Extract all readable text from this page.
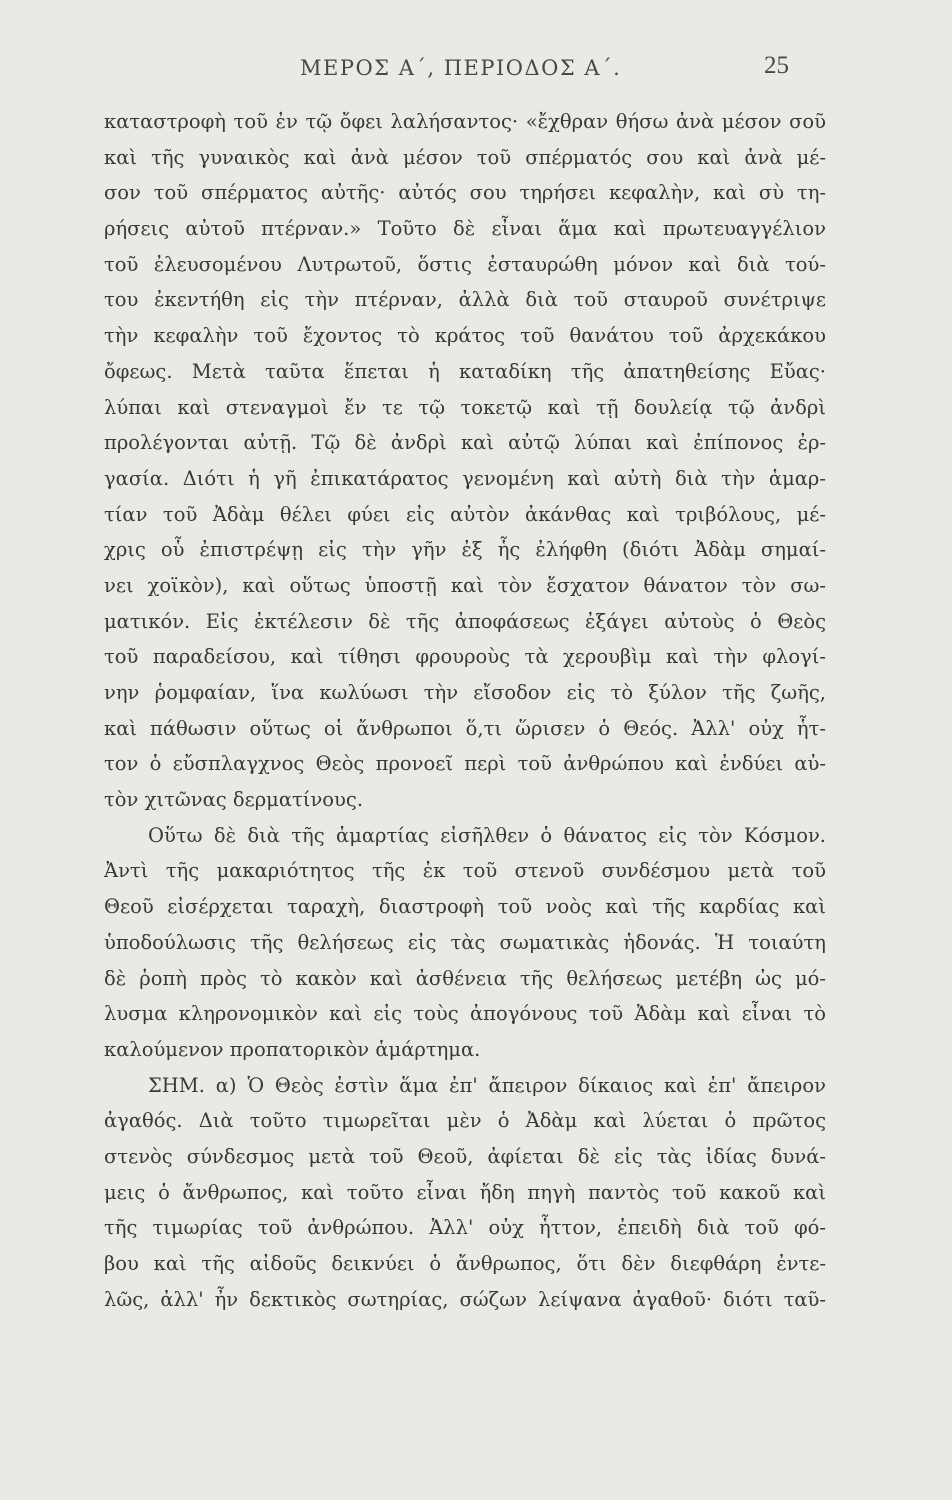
ΜΕΡΟΣ Α΄, ΠΕΡΙΟΔΟΣ Α΄.	25
καταστροφὴ τοῦ ἐν τῷ ὄφει λαλήσαντος· «ἔχθραν θήσω ἀνὰ μέσον σοῦ
καὶ τῆς γυναικὸς καὶ ἀνὰ μέσον τοῦ σπέρματός σου καὶ ἀνὰ μέ-
σον τοῦ σπέρματος αὐτῆς· αὐτός σου τηρήσει κεφαλὴν, καὶ σὺ τη-
ρήσεις αὐτοῦ πτέρναν.» Τοῦτο δὲ εἶναι ἅμα καὶ πρωτευαγγέλιον
τοῦ ἐλευσομένου Λυτρωτοῦ, ὅστις ἐσταυρώθη μόνον καὶ διὰ τού-
του ἐκεντήθη εἰς τὴν πτέρναν, ἀλλὰ διὰ τοῦ σταυροῦ συνέτριψε
τὴν κεφαλὴν τοῦ ἔχοντος τὸ κράτος τοῦ θανάτου τοῦ ἀρχεκάκου
ὄφεως. Μετὰ ταῦτα ἕπεται ἡ καταδίκη τῆς ἀπατηθείσης Εὔας·
λύπαι καὶ στεναγμοὶ ἔν τε τῷ τοκετῷ καὶ τῇ δουλείᾳ τῷ ἀνδρὶ
προλέγονται αὐτῇ. Τῷ δὲ ἀνδρὶ καὶ αὐτῷ λύπαι καὶ ἐπίπονος ἐρ-
γασία. Διότι ἡ γῆ ἐπικατάρατος γενομένη καὶ αὐτὴ διὰ τὴν ἁμαρ-
τίαν τοῦ Ἀδὰμ θέλει φύει εἰς αὐτὸν ἀκάνθας καὶ τριβόλους, μέ-
χρις οὗ ἐπιστρέψῃ εἰς τὴν γῆν ἐξ ἧς ἐλήφθη (διότι Ἀδὰμ σημαί-
νει χοϊκὸν), καὶ οὕτως ὑποστῇ καὶ τὸν ἔσχατον θάνατον τὸν σω-
ματικόν. Εἰς ἐκτέλεσιν δὲ τῆς ἀποφάσεως ἐξάγει αὐτοὺς ὁ Θεὸς
τοῦ παραδείσου, καὶ τίθησι φρουροὺς τὰ χερουβὶμ καὶ τὴν φλογί-
νην ῥομφαίαν, ἵνα κωλύωσι τὴν εἴσοδον εἰς τὸ ξύλον τῆς ζωῆς,
καὶ πάθωσιν οὕτως οἱ ἄνθρωποι ὅ,τι ὥρισεν ὁ Θεός. Ἀλλ' οὐχ ἧτ-
τον ὁ εὔσπλαγχνος Θεὸς προνοεῖ περὶ τοῦ ἀνθρώπου καὶ ἐνδύει αὐ-
τὸν χιτῶνας δερματίνους.
Οὕτω δὲ διὰ τῆς ἁμαρτίας εἰσῆλθεν ὁ θάνατος εἰς τὸν Κόσμον.
Ἀντὶ τῆς μακαριότητος τῆς ἐκ τοῦ στενοῦ συνδέσμου μετὰ τοῦ
Θεοῦ εἰσέρχεται ταραχὴ, διαστροφὴ τοῦ νοὸς καὶ τῆς καρδίας καὶ
ὑποδούλωσις τῆς θελήσεως εἰς τὰς σωματικὰς ἡδονάς. Ἡ τοιαύτη
δὲ ῥοπὴ πρὸς τὸ κακὸν καὶ ἀσθένεια τῆς θελήσεως μετέβη ὡς μό-
λυσμα κληρονομικὸν καὶ εἰς τοὺς ἀπογόνους τοῦ Ἀδὰμ καὶ εἶναι τὸ
καλούμενον προπατορικὸν ἁμάρτημα.
ΣΗΜ. α) Ὁ Θεὸς ἐστὶν ἅμα ἐπ' ἄπειρον δίκαιος καὶ ἐπ' ἄπειρον
ἀγαθός. Διὰ τοῦτο τιμωρεῖται μὲν ὁ Ἀδὰμ καὶ λύεται ὁ πρῶτος
στενὸς σύνδεσμος μετὰ τοῦ Θεοῦ, ἀφίεται δὲ εἰς τὰς ἰδίας δυνά-
μεις ὁ ἄνθρωπος, καὶ τοῦτο εἶναι ἤδη πηγὴ παντὸς τοῦ κακοῦ καὶ
τῆς τιμωρίας τοῦ ἀνθρώπου. Ἀλλ' οὐχ ἧττον, ἐπειδὴ διὰ τοῦ φό-
βου καὶ τῆς αἰδοῦς δεικνύει ὁ ἄνθρωπος, ὅτι δὲν διεφθάρη ἐντε-
λῶς, ἀλλ' ἦν δεκτικὸς σωτηρίας, σώζων λείψανα ἀγαθοῦ· διότι ταῦ-
